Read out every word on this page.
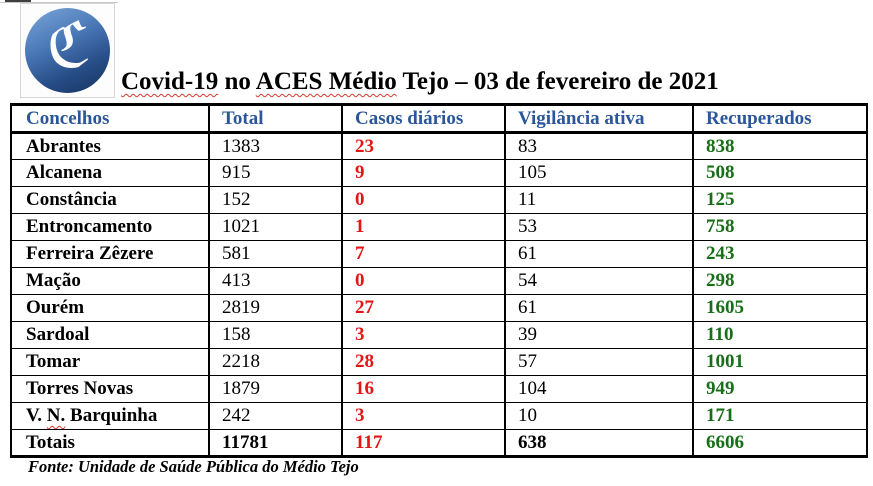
ℭ Covid-19 no ACES Médio Tejo – 03 de fevereiro de 2021
Concelhos	Total	Casos diários	Vigilância ativa	Recuperados
Abrantes	1383	23	83	838
Alcanena	915	9	105	508
Constância	152	0	11	125
Entroncamento	1021	1	53	758
Ferreira Zêzere	581	7	61	243
Mação	413	0	54	298
Ourém	2819	27	61	1605
Sardoal	158	3	39	110
Tomar	2218	28	57	1001
Torres Novas	1879	16	104	949
V. N. Barquinha	242	3	10	171
Totais	11781	117	638	6606
Fonte: Unidade de Saúde Pública do Médio Tejo
